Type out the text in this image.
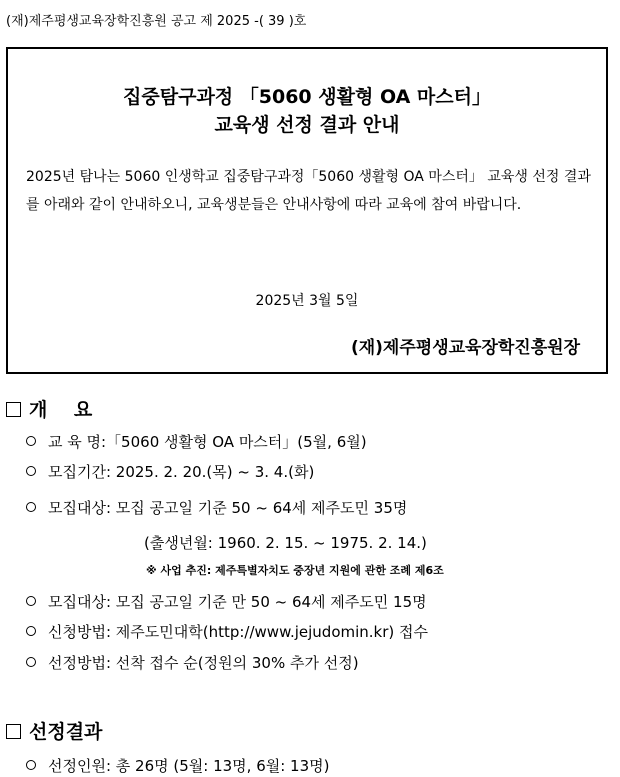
(재)제주평생교육장학진흥원 공고 제 2025 -( 39 )호
집중탐구과정 「5060 생활형 OA 마스터」
교육생 선정 결과 안내
2025년 탐나는 5060 인생학교 집중탐구과정「5060 생활형 OA 마스터」 교육생 선정 결과를 아래와 같이 안내하오니, 교육생분들은 안내사항에 따라 교육에 참여 바랍니다.
2025년 3월 5일
(재)제주평생교육장학진흥원장
개    요
교 육 명:「5060 생활형 OA 마스터」(5월, 6월)
모집기간: 2025. 2. 20.(목) ~ 3. 4.(화)
모집대상: 모집 공고일 기준 50 ~ 64세 제주도민 35명
(출생년월: 1960. 2. 15. ~ 1975. 2. 14.)
※ 사업 추진: 제주특별자치도 중장년 지원에 관한 조례 제6조
모집대상: 모집 공고일 기준 만 50 ~ 64세 제주도민 15명
신청방법: 제주도민대학(http://www.jejudomin.kr) 접수
선정방법: 선착 접수 순(정원의 30% 추가 선정)
선정결과
선정인원: 총 26명 (5월: 13명, 6월: 13명)
